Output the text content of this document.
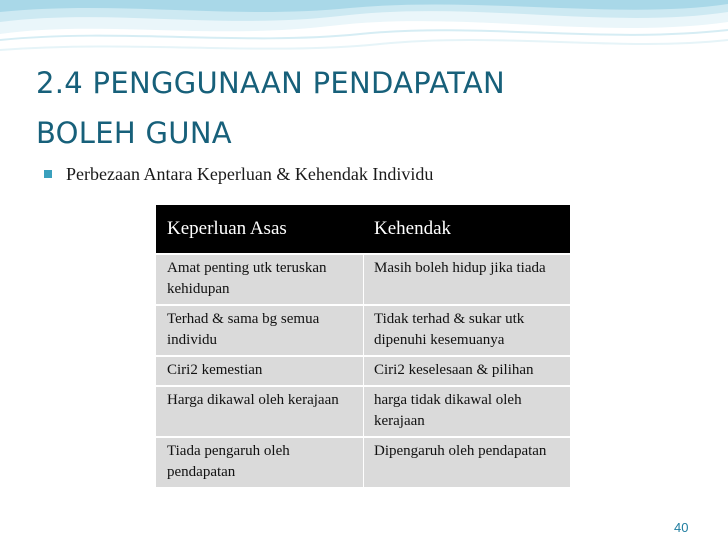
2.4 PENGGUNAAN PENDAPATAN
BOLEH GUNA
Perbezaan Antara Keperluan & Kehendak Individu
Keperluan Asas	Kehendak
Amat penting utk teruskan kehidupan	Masih boleh hidup jika tiada
Terhad & sama bg semua individu	Tidak terhad & sukar utk dipenuhi kesemuanya
Ciri2 kemestian	Ciri2 keselesaan & pilihan
Harga dikawal oleh kerajaan	harga tidak dikawal oleh kerajaan
Tiada pengaruh oleh pendapatan	Dipengaruh oleh pendapatan
40
